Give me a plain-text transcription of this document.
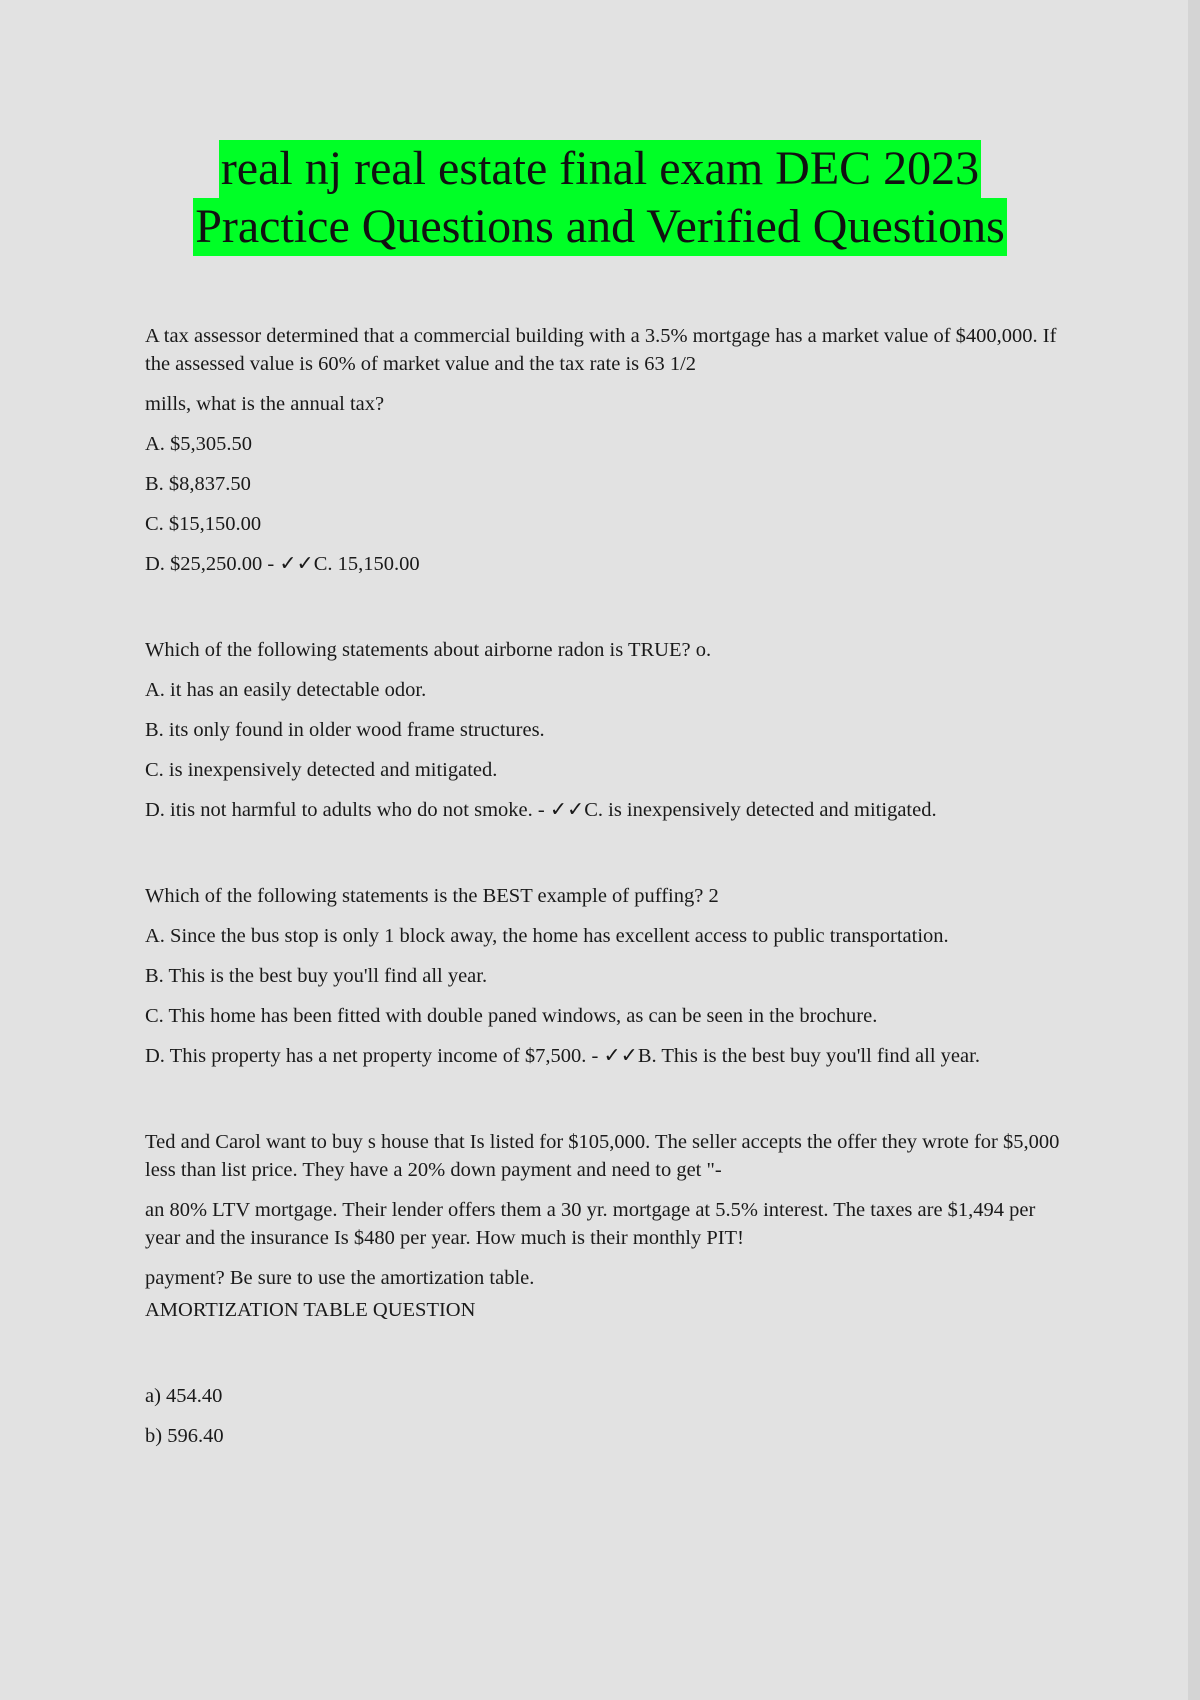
real nj real estate final exam DEC 2023
Practice Questions and Verified Questions

A tax assessor determined that a commercial building with a 3.5% mortgage has a market value of $400,000. If the assessed value is 60% of market value and the tax rate is 63 1/2

mills, what is the annual tax?

A. $5,305.50

B. $8,837.50

C. $15,150.00

D. $25,250.00 - ✓✓C. 15,150.00

Which of the following statements about airborne radon is TRUE? o.

A. it has an easily detectable odor.

B. its only found in older wood frame structures.

C. is inexpensively detected and mitigated.

D. itis not harmful to adults who do not smoke. - ✓✓C. is inexpensively detected and mitigated.

Which of the following statements is the BEST example of puffing? 2

A. Since the bus stop is only 1 block away, the home has excellent access to public transportation.

B. This is the best buy you'll find all year.

C. This home has been fitted with double paned windows, as can be seen in the brochure.

D. This property has a net property income of $7,500. - ✓✓B. This is the best buy you'll find all year.

Ted and Carol want to buy s house that Is listed for $105,000. The seller accepts the offer they wrote for $5,000 less than list price. They have a 20% down payment and need to get "-

an 80% LTV mortgage. Their lender offers them a 30 yr. mortgage at 5.5% interest. The taxes are $1,494 per year and the insurance Is $480 per year. How much is their monthly PIT!

payment? Be sure to use the amortization table.

AMORTIZATION TABLE QUESTION

a) 454.40

b) 596.40
